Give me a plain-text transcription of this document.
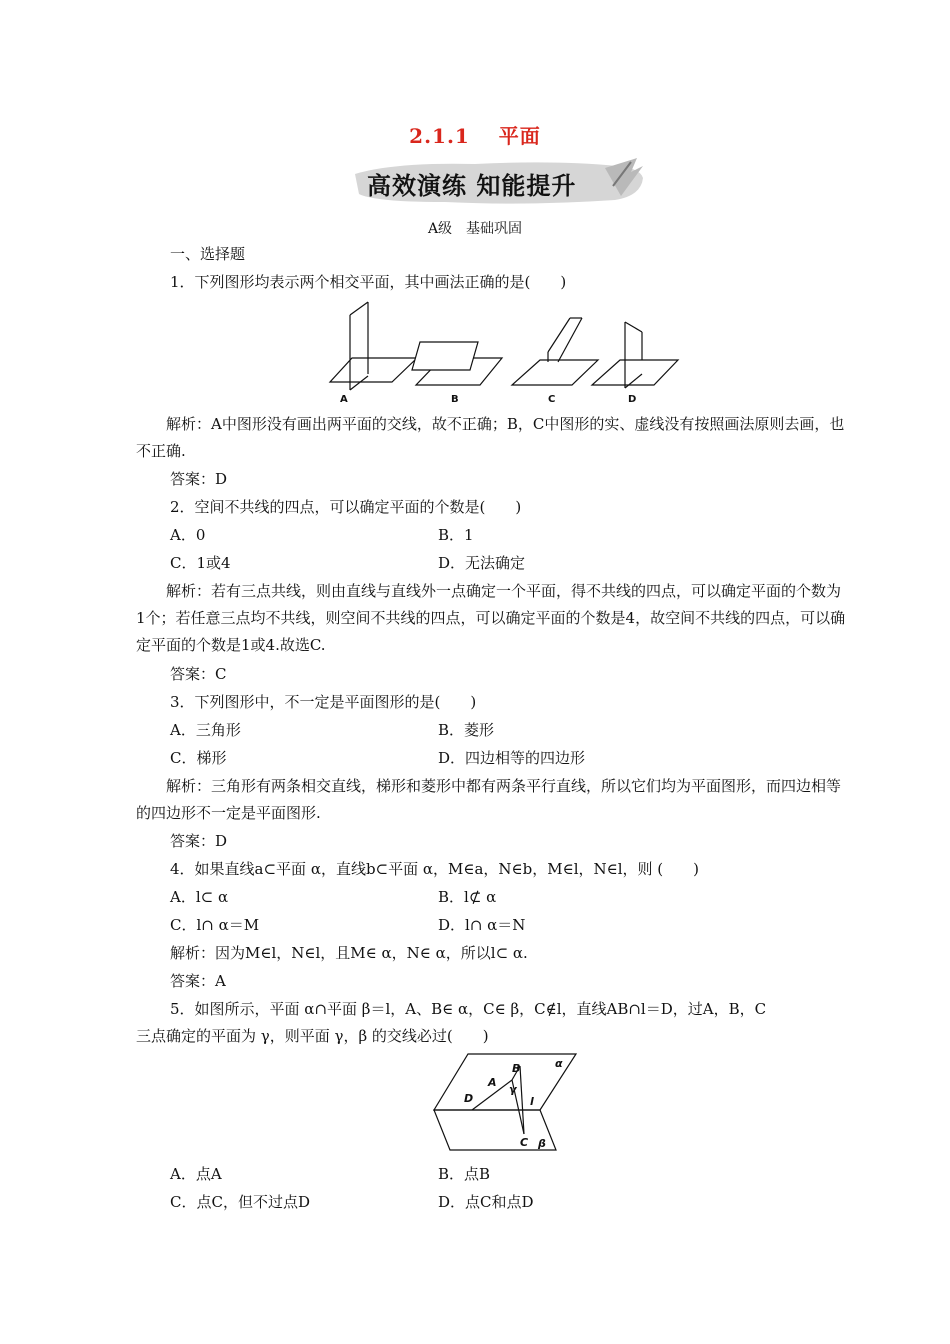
2.1.1　 平面
高效演练 知能提升
A级　基础巩固
一、选择题
1．下列图形均表示两个相交平面，其中画法正确的是(　　)
A	B	C	D
解析：A中图形没有画出两平面的交线，故不正确；B，C中图形的实、虚线没有按照画法原则去画，也不正确.
答案：D
2．空间不共线的四点，可以确定平面的个数是(　　)
A．0	B．1
C．1或4	D．无法确定
解析：若有三点共线，则由直线与直线外一点确定一个平面，得不共线的四点，可以确定平面的个数为1个；若任意三点均不共线，则空间不共线的四点，可以确定平面的个数是4，故空间不共线的四点，可以确定平面的个数是1或4.故选C.
答案：C
3．下列图形中，不一定是平面图形的是(　　)
A．三角形	B．菱形
C．梯形	D．四边相等的四边形
解析：三角形有两条相交直线，梯形和菱形中都有两条平行直线，所以它们均为平面图形，而四边相等的四边形不一定是平面图形.
答案：D
4．如果直线a⊂平面 α，直线b⊂平面 α，M∈a，N∈b，M∈l，N∈l，则 (　　)
A．l⊂ α	B．l⊄ α
C．l∩ α＝M	D．l∩ α＝N
解析：因为M∈l，N∈l，且M∈ α，N∈ α，所以l⊂ α.
答案：A
5．如图所示，平面 α∩平面 β＝l，A、B∈ α，C∈ β，C∉l，直线AB∩l＝D，过A，B，C
三点确定的平面为 γ，则平面 γ，β 的交线必过(　　)
α
β
γ
A
B
C
D	l
A．点A	B．点B
C．点C，但不过点D	D．点C和点D
